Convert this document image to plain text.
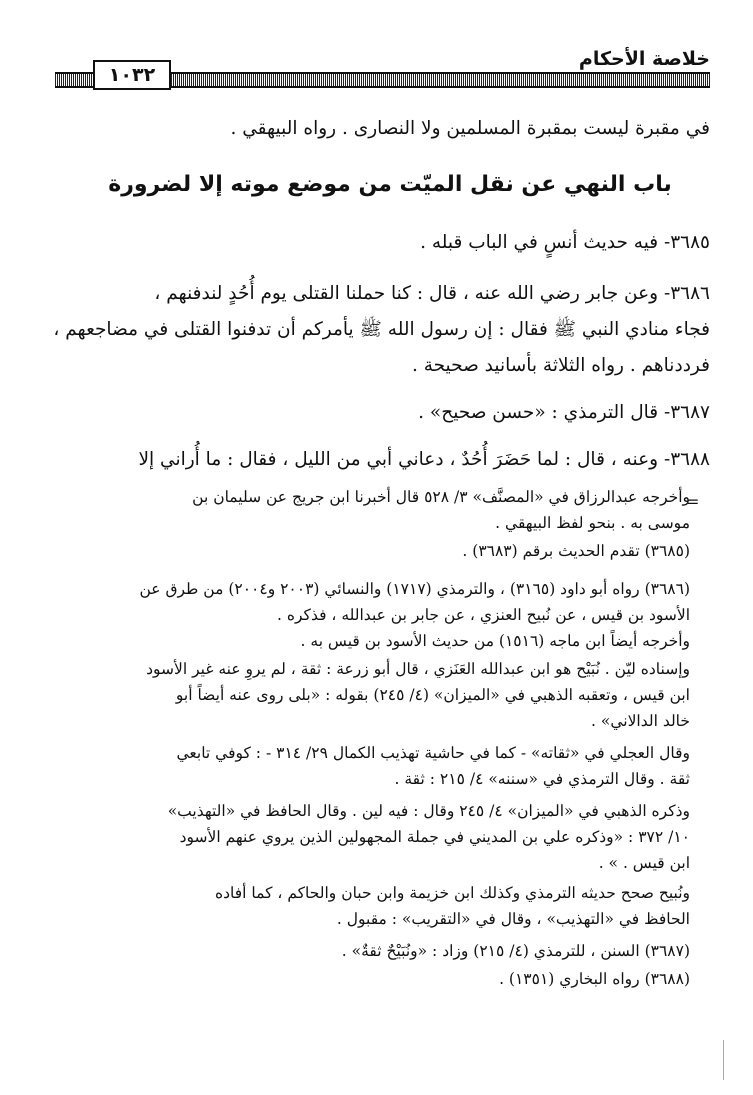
١٠٣٢
خلاصة الأحكام
في مقبرة ليست بمقبرة المسلمين ولا النصارى . رواه البيهقي .
باب النهي عن نقل الميّت من موضع موته إلا لضرورة
٣٦٨٥- فيه حديث أنسٍ في الباب قبله .
٣٦٨٦- وعن جابر رضي الله عنه ، قال : كنا حملنا القتلى يوم أُحُدٍ لندفنهم ،
فجاء منادي النبي ﷺ فقال : إن رسول الله ﷺ يأمركم أن تدفنوا القتلى في مضاجعهم ،
فرددناهم . رواه الثلاثة بأسانيد صحيحة .
٣٦٨٧- قال الترمذي : «حسن صحيح» .
٣٦٨٨- وعنه ، قال : لما حَضَرَ أُحُدٌ ، دعاني أبي من الليل ، فقال : ما أُراني إلا
=
وأخرجه عبدالرزاق في «المصنَّف» ٣/ ٥٢٨ قال أخبرنا ابن جريج عن سليمان بن
موسى به . بنحو لفظ البيهقي .
(٣٦٨٥) تقدم الحديث برقم (٣٦٨٣) .
(٣٦٨٦) رواه أبو داود (٣١٦٥) ، والترمذي (١٧١٧) والنسائي (٢٠٠٣ و٢٠٠٤) من طرق عن
الأسود بن قيس ، عن نُبيح العنزي ، عن جابر بن عبدالله ، فذكره .
وأخرجه أيضاً ابن ماجه (١٥١٦) من حديث الأسود بن قيس به .
وإسناده ليّن . نُبَيْح هو ابن عبدالله العَنَزي ، قال أبو زرعة : ثقة ، لم يروِ عنه غير الأسود
ابن قيس ، وتعقبه الذهبي في «الميزان» (٤/ ٢٤٥) بقوله : «بلى روى عنه أيضاً أبو
خالد الدالاني» .
وقال العجلي في «ثقاته» - كما في حاشية تهذيب الكمال ٢٩/ ٣١٤ - : كوفي تابعي
ثقة . وقال الترمذي في «سننه» ٤/ ٢١٥ : ثقة .
وذكره الذهبي في «الميزان» ٤/ ٢٤٥ وقال : فيه لين . وقال الحافظ في «التهذيب»
١٠/ ٣٧٢ : «وذكره علي بن المديني في جملة المجهولين الذين يروي عنهم الأسود
ابن قيس . » .
ونُبيح صحح حديثه الترمذي وكذلك ابن خزيمة وابن حبان والحاكم ، كما أفاده
الحافظ في «التهذيب» ، وقال في «التقريب» : مقبول .
(٣٦٨٧) السنن ، للترمذي (٤/ ٢١٥) وزاد : «ونُبَيْحٌ ثقةٌ» .
(٣٦٨٨) رواه البخاري (١٣٥١) .
